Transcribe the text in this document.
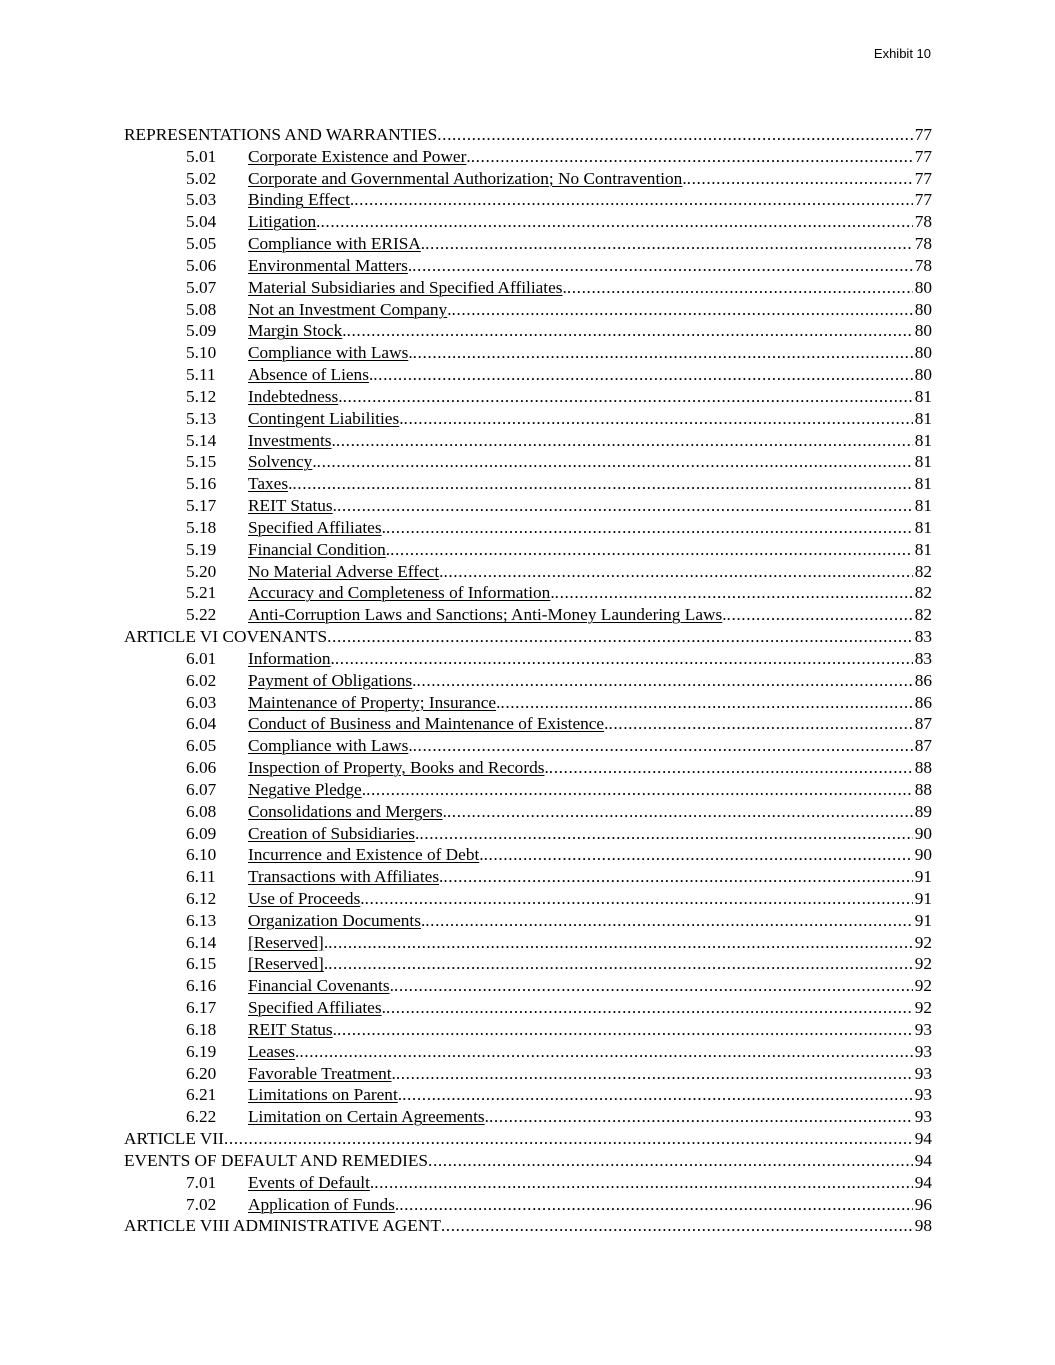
Exhibit 10
REPRESENTATIONS AND WARRANTIES .....	77
5.01	Corporate Existence and Power . .....	77
5.02	Corporate and Governmental Authorization; No Contravention . .....	77
5.03	Binding Effect . .....	77
5.04	Litigation . .....	78
5.05	Compliance with ERISA . .....	78
5.06	Environmental Matters . .....	78
5.07	Material Subsidiaries and Specified Affiliates . .....	80
5.08	Not an Investment Company . .....	80
5.09	Margin Stock . .....	80
5.10	Compliance with Laws . .....	80
5.11	Absence of Liens . .....	80
5.12	Indebtedness . .....	81
5.13	Contingent Liabilities . .....	81
5.14	Investments . .....	81
5.15	Solvency . .....	81
5.16	Taxes . .....	81
5.17	REIT Status . .....	81
5.18	Specified Affiliates . .....	81
5.19	Financial Condition . .....	81
5.20	No Material Adverse Effect . .....	82
5.21	Accuracy and Completeness of Information . .....	82
5.22	Anti-Corruption Laws and Sanctions; Anti-Money Laundering Laws . .....	82
ARTICLE VI COVENANTS .....	83
6.01	Information . .....	83
6.02	Payment of Obligations . .....	86
6.03	Maintenance of Property; Insurance . .....	86
6.04	Conduct of Business and Maintenance of Existence . .....	87
6.05	Compliance with Laws . .....	87
6.06	Inspection of Property, Books and Records . .....	88
6.07	Negative Pledge . .....	88
6.08	Consolidations and Mergers . .....	89
6.09	Creation of Subsidiaries . .....	90
6.10	Incurrence and Existence of Debt . .....	90
6.11	Transactions with Affiliates . .....	91
6.12	Use of Proceeds . .....	91
6.13	Organization Documents . .....	91
6.14	[Reserved] . .....	92
6.15	[Reserved] . .....	92
6.16	Financial Covenants . .....	92
6.17	Specified Affiliates . .....	92
6.18	REIT Status . .....	93
6.19	Leases . .....	93
6.20	Favorable Treatment . .....	93
6.21	Limitations on Parent . .....	93
6.22	Limitation on Certain Agreements . .....	93
ARTICLE VII .....	94
EVENTS OF DEFAULT AND REMEDIES .....	94
7.01	Events of Default . .....	94
7.02	Application of Funds . .....	96
ARTICLE VIII ADMINISTRATIVE AGENT .....	98
